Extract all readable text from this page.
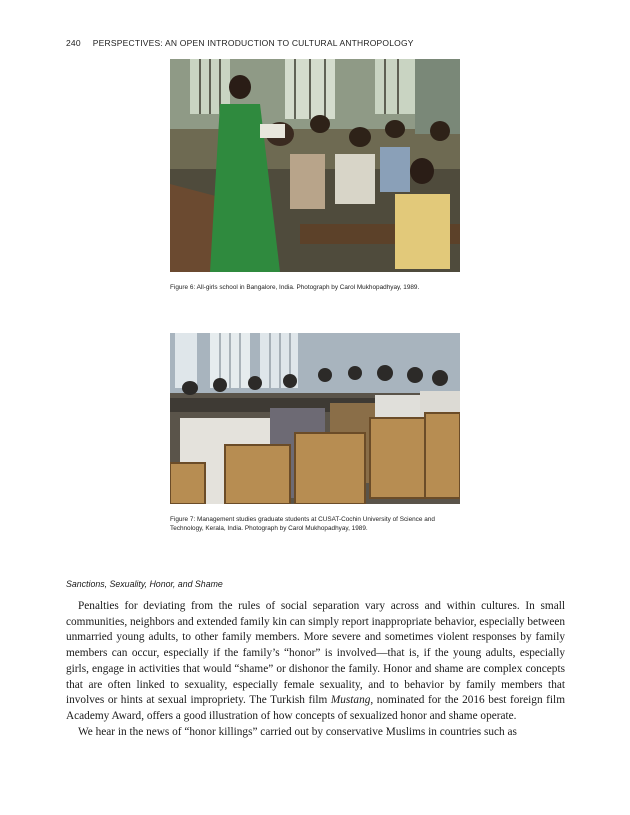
240 PERSPECTIVES: AN OPEN INTRODUCTION TO CULTURAL ANTHROPOLOGY
Figure 6: All-girls school in Bangalore, India. Photograph by Carol Mukhopadhyay, 1989.
Figure 7: Management studies graduate students at CUSAT-Cochin University of Science and Technology, Kerala, India. Photograph by Carol Mukhopadhyay, 1989.
Sanctions, Sexuality, Honor, and Shame

Penalties for deviating from the rules of social separation vary across and within cultures. In small communities, neighbors and extended family kin can simply report inappropriate behavior, especially between unmarried young adults, to other family members. More severe and sometimes violent responses by family members can occur, especially if the family’s “honor” is involved—that is, if the young adults, especially girls, engage in activities that would “shame” or dishonor the family. Honor and shame are complex concepts that are often linked to sexuality, especially female sexuality, and to behavior by family members that involves or hints at sexual impropriety. The Turkish film Mustang, nominated for the 2016 best foreign film Academy Award, offers a good illustration of how concepts of sexualized honor and shame operate.

We hear in the news of “honor killings” carried out by conservative Muslims in countries such as
